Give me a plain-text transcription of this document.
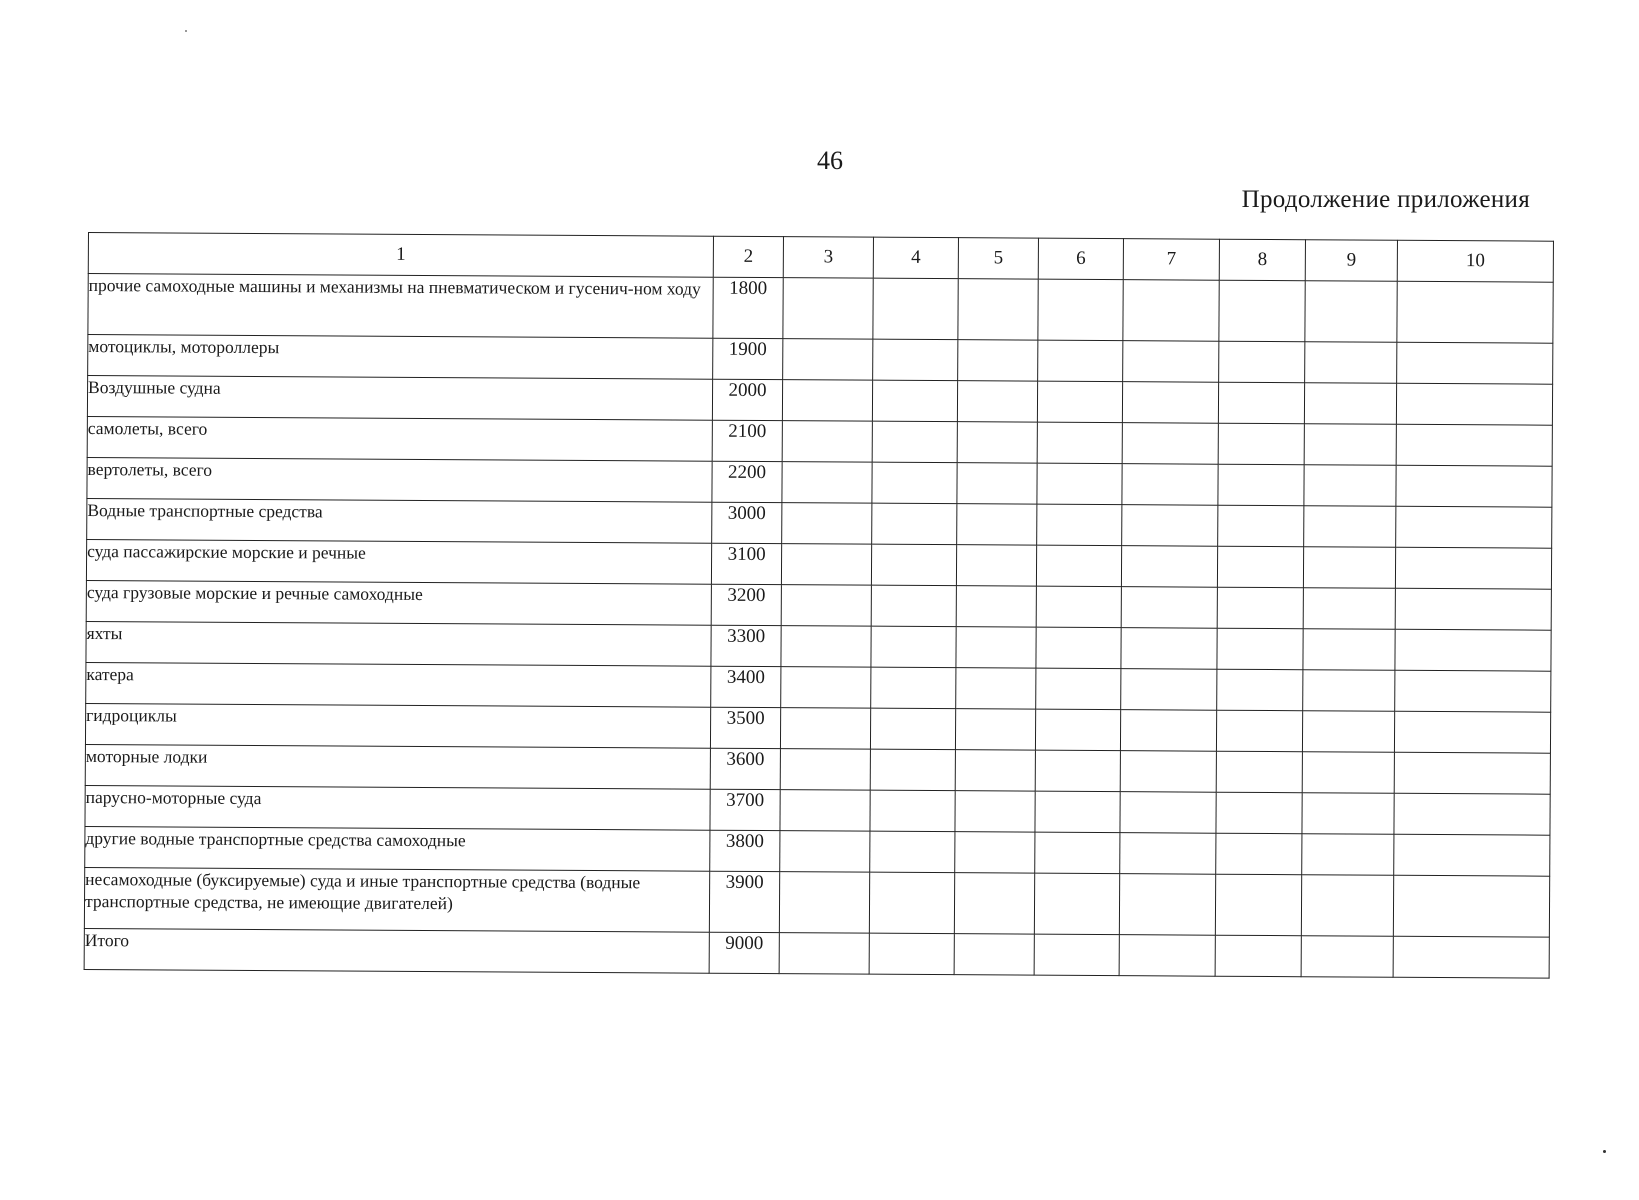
46
Продолжение приложения
1	2	3	4	5	6	7	8	9	10
прочие самоходные машины и механизмы на пневматическом и гусенич-ном ходу	1800								
мотоциклы, мотороллеры	1900								
Воздушные судна	2000								
самолеты, всего	2100								
вертолеты, всего	2200								
Водные транспортные средства	3000								
суда пассажирские морские и речные	3100								
суда грузовые морские и речные самоходные	3200								
яхты	3300								
катера	3400								
гидроциклы	3500								
моторные лодки	3600								
парусно-моторные суда	3700								
другие водные транспортные средства самоходные	3800								
несамоходные (буксируемые) суда и иные транспортные средства (водные транспортные средства, не имеющие двигателей)	3900								
Итого	9000								
